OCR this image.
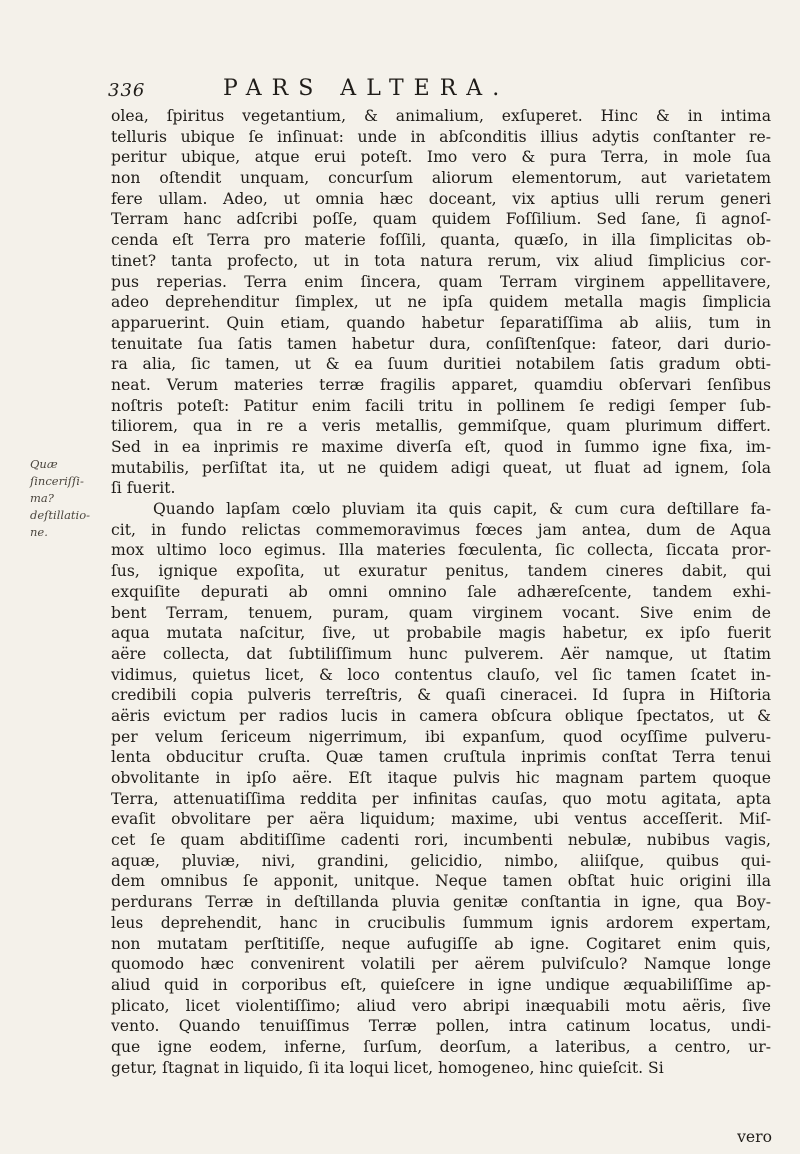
336	PARS ALTERA.
Quæ ſinceriſſi-ma? deſtillatio-ne.
olea, ſpiritus vegetantium, & animalium, exſuperet. Hinc & in intima
telluris ubique ſe inſinuat: unde in abſconditis illius adytis conſtanter re-
peritur ubique, atque erui poteſt. Imo vero & pura Terra, in mole ſua
non oſtendit unquam, concurſum aliorum elementorum, aut varietatem
fere ullam. Adeo, ut omnia hæc doceant, vix aptius ulli rerum generi
Terram hanc adſcribi poſſe, quam quidem Foſſilium. Sed ſane, ſi agnoſ-
cenda eſt Terra pro materie foſſili, quanta, quæſo, in illa ſimplicitas ob-
tinet? tanta profecto, ut in tota natura rerum, vix aliud ſimplicius cor-
pus reperias. Terra enim ſincera, quam Terram virginem appellitavere,
adeo deprehenditur ſimplex, ut ne ipſa quidem metalla magis ſimplicia
apparuerint. Quin etiam, quando habetur ſeparatiſſima ab aliis, tum in
tenuitate ſua ſatis tamen habetur dura, conſiſtenſque: fateor, dari durio-
ra alia, ſic tamen, ut & ea ſuum duritiei notabilem ſatis gradum obti-
neat. Verum materies terræ fragilis apparet, quamdiu obſervari ſenſibus
noſtris poteſt: Patitur enim facili tritu in pollinem ſe redigi ſemper ſub-
tiliorem, qua in re a veris metallis, gemmiſque, quam plurimum differt.
Sed in ea inprimis re maxime diverſa eſt, quod in ſummo igne fixa, im-
mutabilis, perſiſtat ita, ut ne quidem adigi queat, ut fluat ad ignem, ſola
ſi fuerit.
Quando lapſam cœlo pluviam ita quis capit, & cum cura deſtillare fa-
cit, in fundo relictas commemoravimus fœces jam antea, dum de Aqua
mox ultimo loco egimus. Illa materies fœculenta, ſic collecta, ſiccata pror-
ſus, ignique expoſita, ut exuratur penitus, tandem cineres dabit, qui
exquiſite depurati ab omni omnino ſale adhæreſcente, tandem exhi-
bent Terram, tenuem, puram, quam virginem vocant. Sive enim de
aqua mutata naſcitur, ſive, ut probabile magis habetur, ex ipſo fuerit
aëre collecta, dat ſubtiliſſimum hunc pulverem. Aër namque, ut ſtatim
vidimus, quietus licet, & loco contentus clauſo, vel ſic tamen ſcatet in-
credibili copia pulveris terreſtris, & quaſi cineracei. Id ſupra in Hiſtoria
aëris evictum per radios lucis in camera obſcura oblique ſpectatos, ut &
per velum ſericeum nigerrimum, ibi expanſum, quod ocyſſime pulveru-
lenta obducitur cruſta. Quæ tamen cruſtula inprimis conſtat Terra tenui
obvolitante in ipſo aëre. Eſt itaque pulvis hic magnam partem quoque
Terra, attenuatiſſima reddita per infinitas cauſas, quo motu agitata, apta
evaſit obvolitare per aëra liquidum; maxime, ubi ventus acceſſerit. Miſ-
cet ſe quam abditiſſime cadenti rori, incumbenti nebulæ, nubibus vagis,
aquæ, pluviæ, nivi, grandini, gelicidio, nimbo, aliiſque, quibus qui-
dem omnibus ſe apponit, unitque. Neque tamen obſtat huic origini illa
perdurans Terræ in deſtillanda pluvia genitæ conſtantia in igne, qua Boy-
leus deprehendit, hanc in crucibulis ſummum ignis ardorem expertam,
non mutatam perſtitiſſe, neque aufugiſſe ab igne. Cogitaret enim quis,
quomodo hæc convenirent volatili per aërem pulviſculo? Namque longe
aliud quid in corporibus eſt, quieſcere in igne undique æquabiliſſime ap-
plicato, licet violentiſſimo; aliud vero abripi inæquabili motu aëris, ſive
vento. Quando tenuiſſimus Terræ pollen, intra catinum locatus, undi-
que igne eodem, inferne, ſurſum, deorſum, a lateribus, a centro, ur-
getur, ſtagnat in liquido, ſi ita loqui licet, homogeneo, hinc quieſcit. Si
vero
